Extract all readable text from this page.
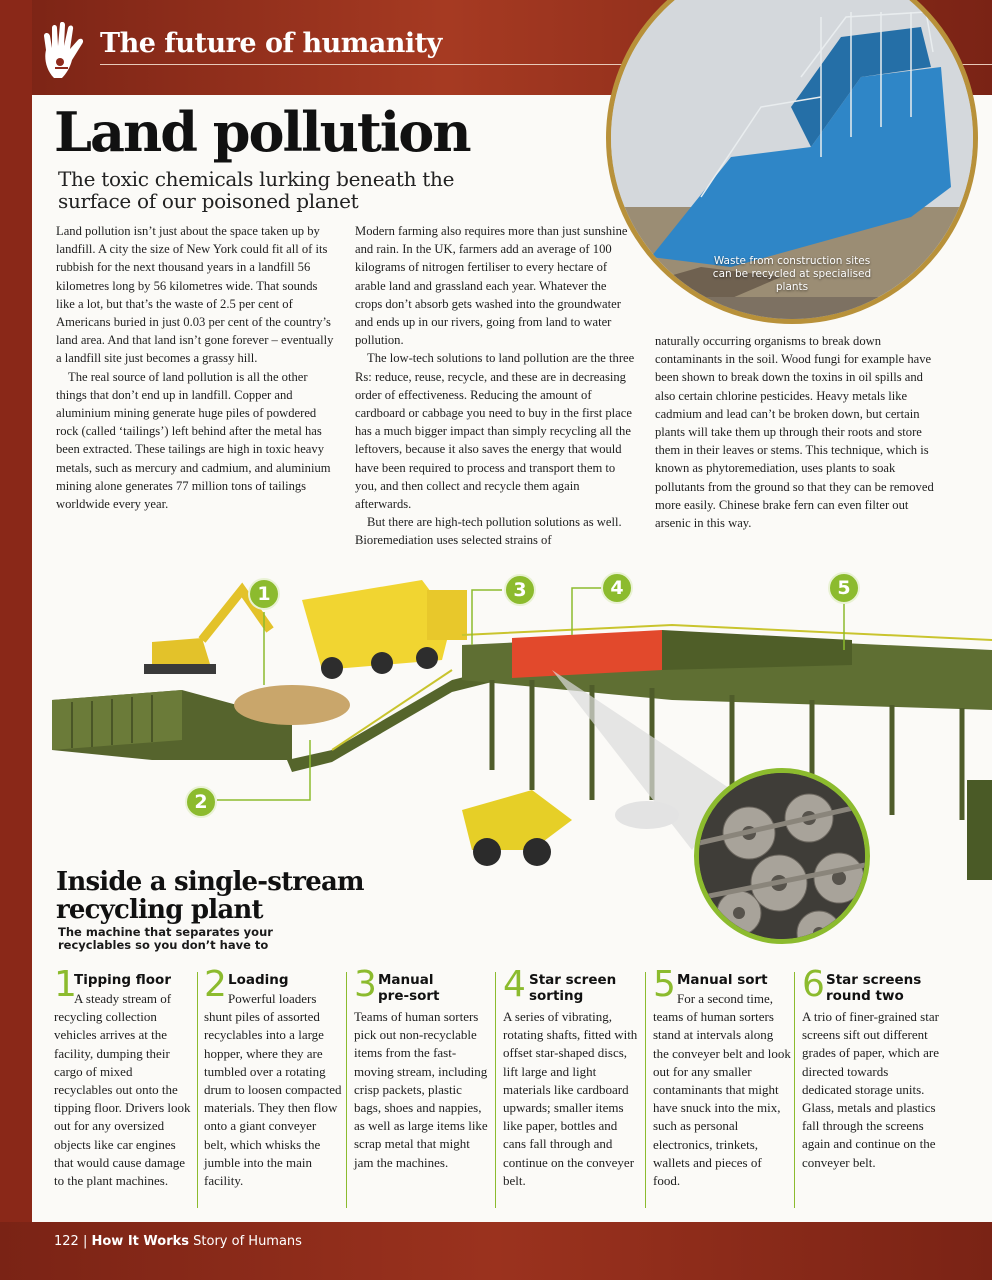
The future of humanity
Waste from construction sites can be recycled at specialised plants
Land pollution
The toxic chemicals lurking beneath the surface of our poisoned planet

Land pollution isn’t just about the space taken up by landfill. A city the size of New York could fit all of its rubbish for the next thousand years in a landfill 56 kilometres long by 56 kilometres wide. That sounds like a lot, but that’s the waste of 2.5 per cent of Americans buried in just 0.03 per cent of the country’s land area. And that land isn’t gone forever – eventually a landfill site just becomes a grassy hill.

The real source of land pollution is all the other things that don’t end up in landfill. Copper and aluminium mining generate huge piles of powdered rock (called ‘tailings’) left behind after the metal has been extracted. These tailings are high in toxic heavy metals, such as mercury and cadmium, and aluminium mining alone generates 77 million tons of tailings worldwide every year.

Modern farming also requires more than just sunshine and rain. In the UK, farmers add an average of 100 kilograms of nitrogen fertiliser to every hectare of arable land and grassland each year. Whatever the crops don’t absorb gets washed into the groundwater and ends up in our rivers, going from land to water pollution.

The low-tech solutions to land pollution are the three Rs: reduce, reuse, recycle, and these are in decreasing order of effectiveness. Reducing the amount of cardboard or cabbage you need to buy in the first place has a much bigger impact than simply recycling all the leftovers, because it also saves the energy that would have been required to process and transport them to you, and then collect and recycle them again afterwards.

But there are high-tech pollution solutions as well. Bioremediation uses selected strains of

naturally occurring organisms to break down contaminants in the soil. Wood fungi for example have been shown to break down the toxins in oil spills and also certain chlorine pesticides. Heavy metals like cadmium and lead can’t be broken down, but certain plants will take them up through their roots and store them in their leaves or stems. This technique, which is known as phytoremediation, uses plants to soak pollutants from the ground so that they can be removed more easily. Chinese brake fern can even filter out arsenic in this way.

1
2
3	4	5
Inside a single-stream recycling plant
The machine that separates your recyclables so you don’t have to
1
Tipping floor
A steady stream of recycling collection vehicles arrives at the facility, dumping their cargo of mixed recyclables out onto the tipping floor. Drivers look out for any oversized objects like car engines that would cause damage to the plant machines.
2 Loading
Powerful loaders shunt piles of assorted recyclables into a large hopper, where they are tumbled over a rotating drum to loosen compacted materials. They then flow onto a giant conveyer belt, which whisks the jumble into the main facility.
3 Manual pre-sort
Teams of human sorters pick out non-recyclable items from the fast-moving stream, including crisp packets, plastic bags, shoes and nappies, as well as large items like scrap metal that might jam the machines.
4 Star screen sorting
A series of vibrating, rotating shafts, fitted with offset star-shaped discs, lift large and light materials like cardboard upwards; smaller items like paper, bottles and cans fall through and continue on the conveyer belt.
5 Manual sort
For a second time, teams of human sorters stand at intervals along the conveyer belt and look out for any smaller contaminants that might have snuck into the mix, such as personal electronics, trinkets, wallets and pieces of food.
6 Star screens round two
A trio of finer-grained star screens sift out different grades of paper, which are directed towards dedicated storage units. Glass, metals and plastics fall through the screens again and continue on the conveyer belt.
122 | How It Works Story of Humans
